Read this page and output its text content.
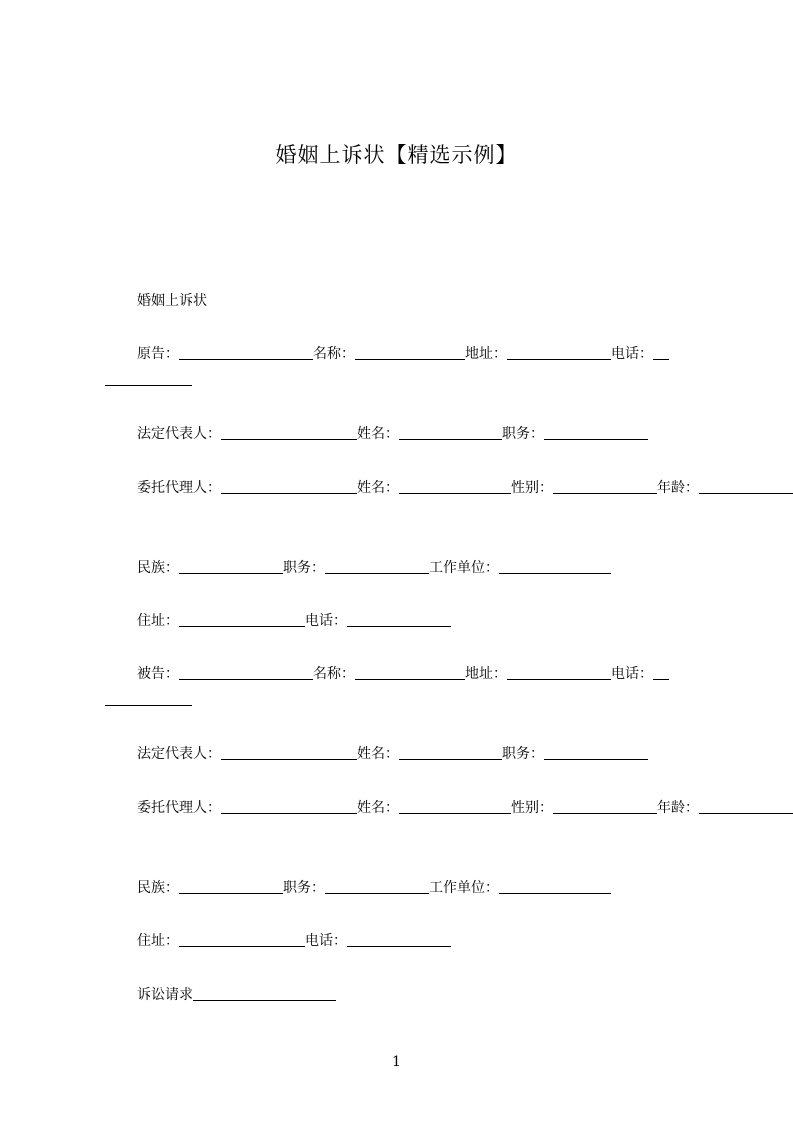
婚姻上诉状【精选示例】
婚姻上诉状
原告：	名称：	地址：	电话：

法定代表人：	姓名：	职务：
委托代理人：	姓名：	性别：	年龄：
民族：	职务：	工作单位：
住址：	电话：
被告：	名称：	地址：	电话：

法定代表人：	姓名：	职务：
委托代理人：	姓名：	性别：	年龄：
民族：	职务：	工作单位：
住址：	电话：
诉讼请求
1
